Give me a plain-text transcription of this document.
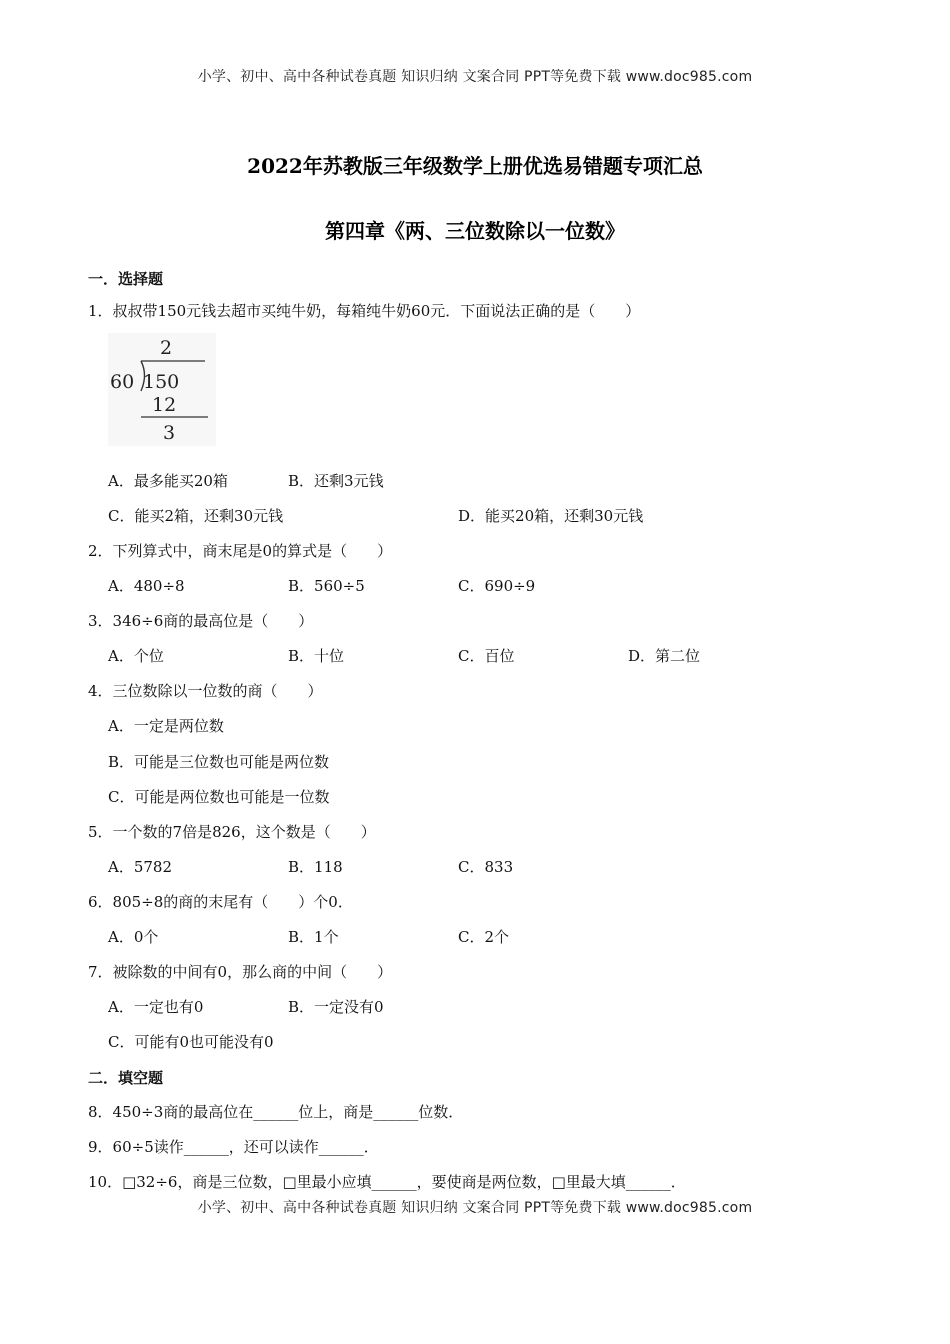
小学、初中、高中各种试卷真题 知识归纳 文案合同 PPT等免费下载 www.doc985.com
2022年苏教版三年级数学上册优选易错题专项汇总
第四章《两、三位数除以一位数》
一．选择题
1．叔叔带150元钱去超市买纯牛奶，每箱纯牛奶60元．下面说法正确的是（　　）
2
60 150
12
3
A．最多能买20箱	B．还剩3元钱
C．能买2箱，还剩30元钱	D．能买20箱，还剩30元钱
2．下列算式中，商末尾是0的算式是（　　）
A．480÷8	B．560÷5	C．690÷9
3．346÷6商的最高位是（　　）
A．个位	B．十位	C．百位	D．第二位
4．三位数除以一位数的商（　　）
A．一定是两位数
B．可能是三位数也可能是两位数
C．可能是两位数也可能是一位数
5．一个数的7倍是826，这个数是（　　）
A．5782	B．118	C．833
6．805÷8的商的末尾有（　　）个0．
A．0个	B．1个	C．2个
7．被除数的中间有0，那么商的中间（　　）
A．一定也有0	B．一定没有0
C．可能有0也可能没有0
二．填空题
8．450÷3商的最高位在______位上，商是______位数．
9．60÷5读作______，还可以读作______．
10．□32÷6，商是三位数，□里最小应填______，要使商是两位数，□里最大填______．
小学、初中、高中各种试卷真题 知识归纳 文案合同 PPT等免费下载 www.doc985.com
